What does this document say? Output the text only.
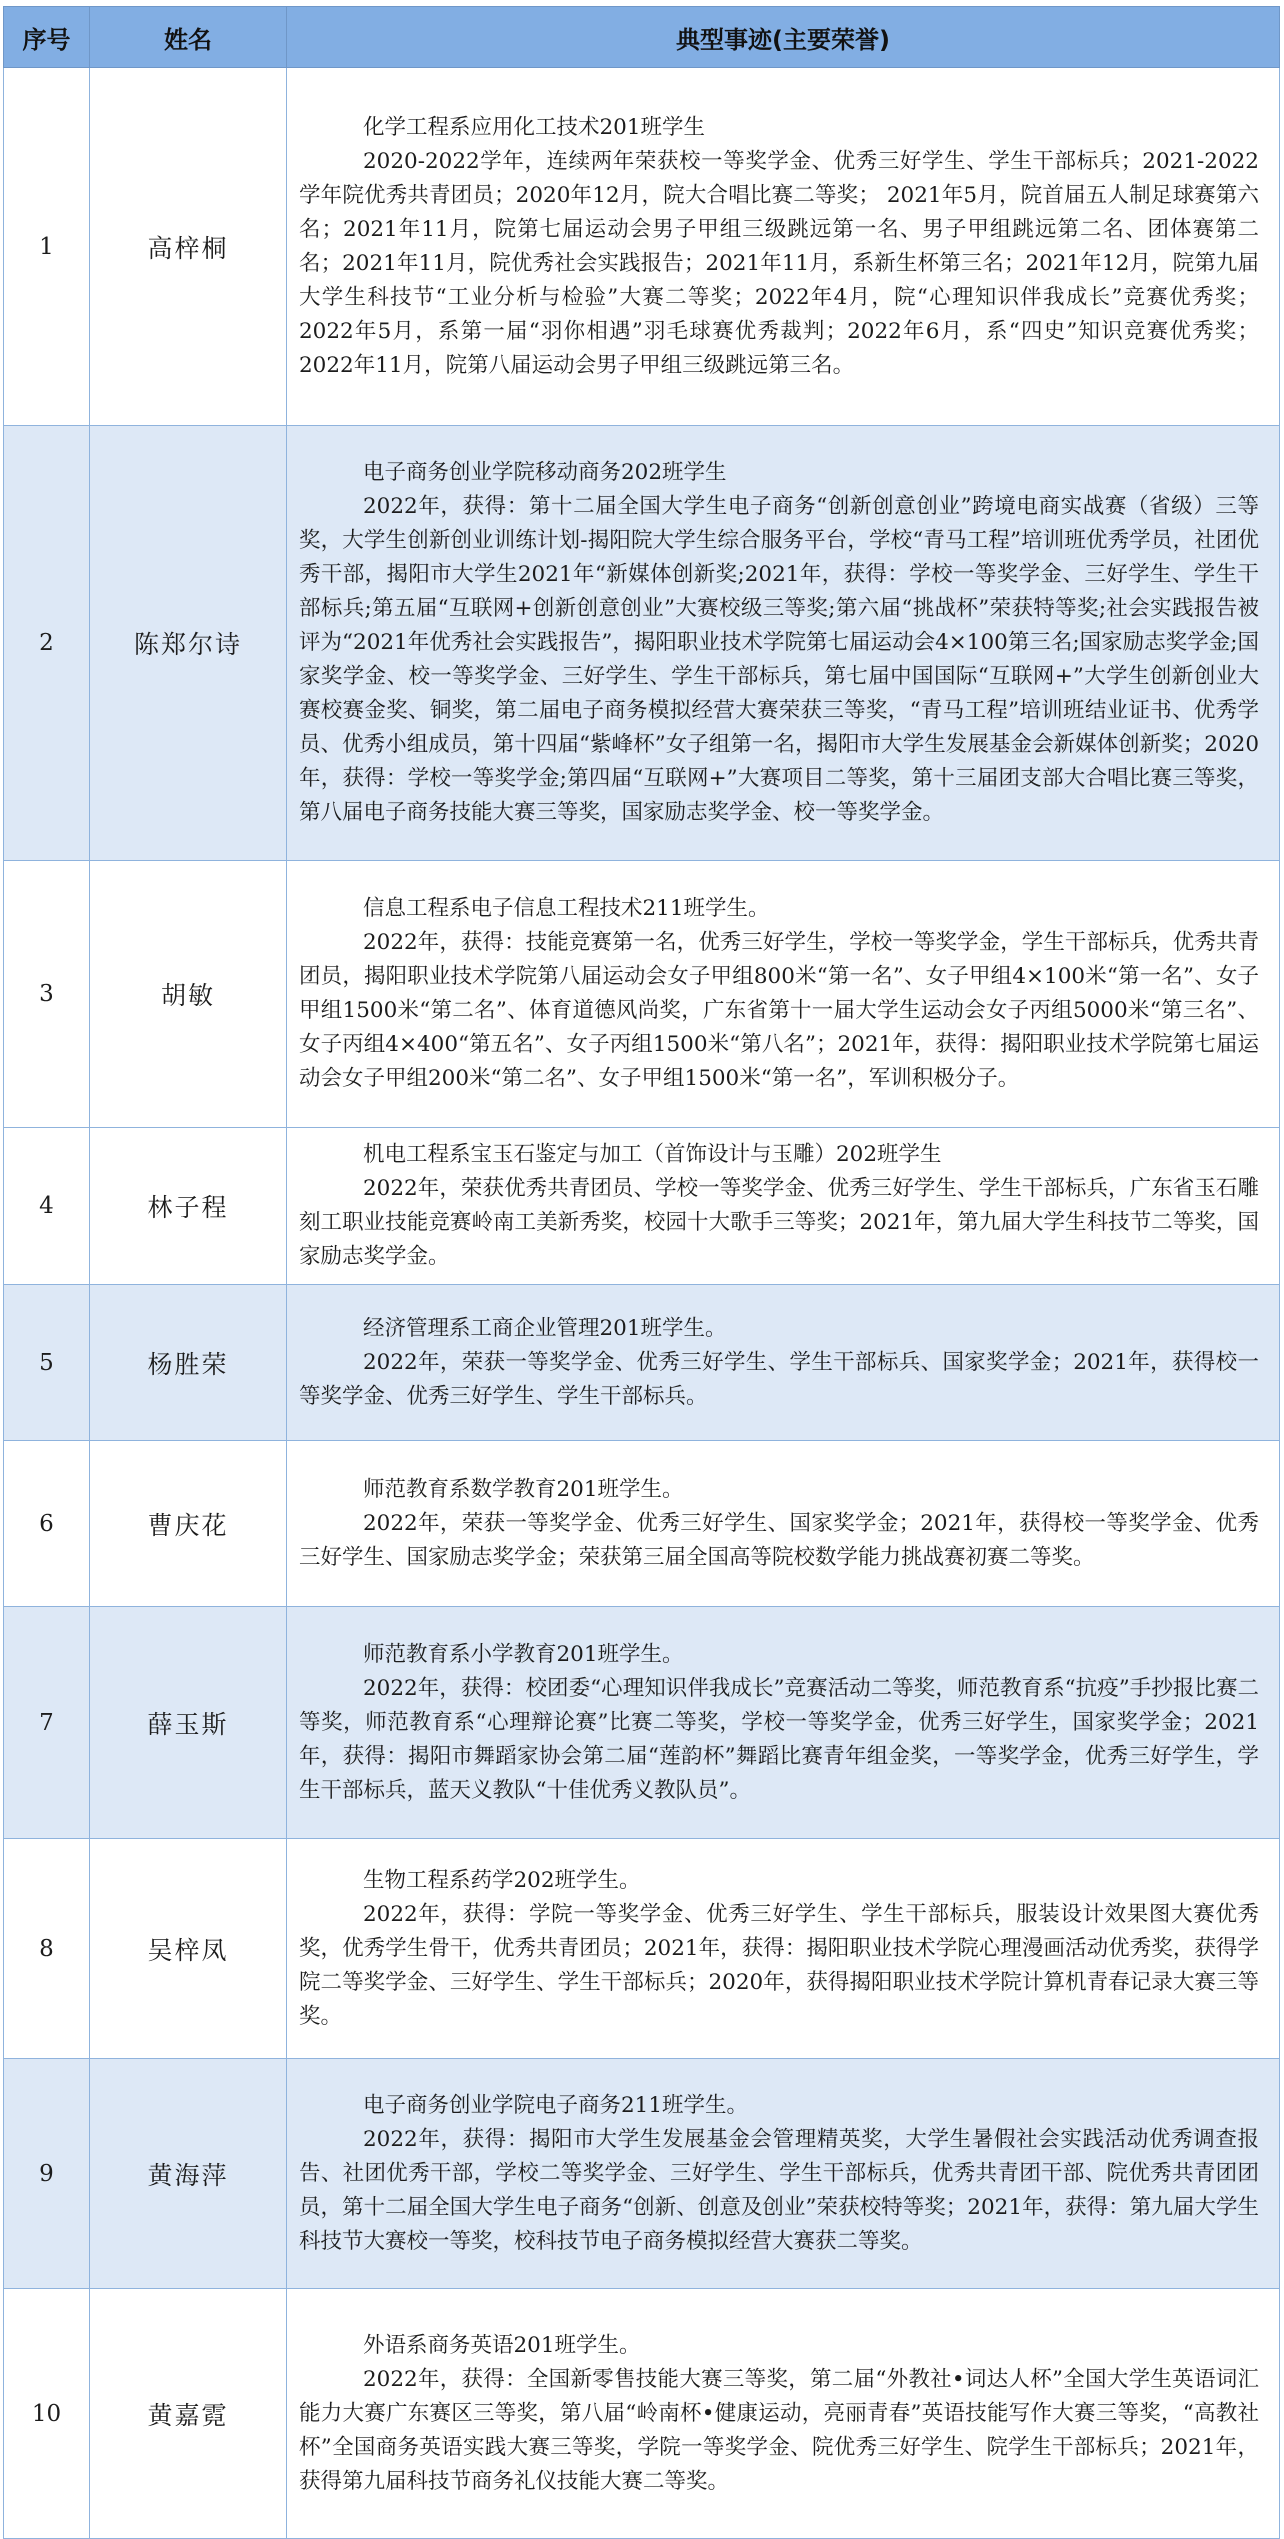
序号	姓名	典型事迹(主要荣誉)
1	高梓桐	化学工程系应用化工技术201班学生

2020-2022学年，连续两年荣获校一等奖学金、优秀三好学生、学生干部标兵；2021-2022学年院优秀共青团员；2020年12月，院大合唱比赛二等奖； 2021年5月，院首届五人制足球赛第六名；2021年11月，院第七届运动会男子甲组三级跳远第一名、男子甲组跳远第二名、团体赛第二名；2021年11月，院优秀社会实践报告；2021年11月，系新生杯第三名；2021年12月，院第九届大学生科技节“工业分析与检验”大赛二等奖；2022年4月，院“心理知识伴我成长”竞赛优秀奖；2022年5月，系第一届“羽你相遇”羽毛球赛优秀裁判；2022年6月，系“四史”知识竞赛优秀奖；2022年11月，院第八届运动会男子甲组三级跳远第三名。

2	陈郑尔诗	电子商务创业学院移动商务202班学生

2022年，获得：第十二届全国大学生电子商务“创新创意创业”跨境电商实战赛（省级）三等奖，大学生创新创业训练计划-揭阳院大学生综合服务平台，学校“青马工程”培训班优秀学员，社团优秀干部，揭阳市大学生2021年“新媒体创新奖;2021年，获得：学校一等奖学金、三好学生、学生干部标兵;第五届“互联网+创新创意创业”大赛校级三等奖;第六届“挑战杯”荣获特等奖;社会实践报告被评为“2021年优秀社会实践报告”，揭阳职业技术学院第七届运动会4×100第三名;国家励志奖学金;国家奖学金、校一等奖学金、三好学生、学生干部标兵，第七届中国国际“互联网+”大学生创新创业大赛校赛金奖、铜奖，第二届电子商务模拟经营大赛荣获三等奖，“青马工程”培训班结业证书、优秀学员、优秀小组成员，第十四届“紫峰杯”女子组第一名，揭阳市大学生发展基金会新媒体创新奖；2020年，获得：学校一等奖学金;第四届“互联网+”大赛项目二等奖，第十三届团支部大合唱比赛三等奖，第八届电子商务技能大赛三等奖，国家励志奖学金、校一等奖学金。

3	胡敏	信息工程系电子信息工程技术211班学生。

2022年，获得：技能竞赛第一名，优秀三好学生，学校一等奖学金，学生干部标兵，优秀共青团员，揭阳职业技术学院第八届运动会女子甲组800米“第一名”、女子甲组4×100米“第一名”、女子甲组1500米“第二名”、体育道德风尚奖，广东省第十一届大学生运动会女子丙组5000米“第三名”、女子丙组4×400“第五名”、女子丙组1500米“第八名”；2021年，获得：揭阳职业技术学院第七届运动会女子甲组200米“第二名”、女子甲组1500米“第一名”，军训积极分子。

4	林子程	机电工程系宝玉石鉴定与加工（首饰设计与玉雕）202班学生

2022年，荣获优秀共青团员、学校一等奖学金、优秀三好学生、学生干部标兵，广东省玉石雕刻工职业技能竞赛岭南工美新秀奖，校园十大歌手三等奖；2021年，第九届大学生科技节二等奖，国家励志奖学金。

5	杨胜荣	经济管理系工商企业管理201班学生。

2022年，荣获一等奖学金、优秀三好学生、学生干部标兵、国家奖学金；2021年，获得校一等奖学金、优秀三好学生、学生干部标兵。

6	曹庆花	师范教育系数学教育201班学生。

2022年，荣获一等奖学金、优秀三好学生、国家奖学金；2021年，获得校一等奖学金、优秀三好学生、国家励志奖学金；荣获第三届全国高等院校数学能力挑战赛初赛二等奖。

7	薛玉斯	师范教育系小学教育201班学生。

2022年，获得：校团委“心理知识伴我成长”竞赛活动二等奖，师范教育系“抗疫”手抄报比赛二等奖，师范教育系“心理辩论赛”比赛二等奖，学校一等奖学金，优秀三好学生，国家奖学金；2021年，获得：揭阳市舞蹈家协会第二届“莲韵杯”舞蹈比赛青年组金奖，一等奖学金，优秀三好学生，学生干部标兵，蓝天义教队“十佳优秀义教队员”。

8	吴梓凤	生物工程系药学202班学生。

2022年，获得：学院一等奖学金、优秀三好学生、学生干部标兵，服装设计效果图大赛优秀奖，优秀学生骨干，优秀共青团员；2021年，获得：揭阳职业技术学院心理漫画活动优秀奖，获得学院二等奖学金、三好学生、学生干部标兵；2020年，获得揭阳职业技术学院计算机青春记录大赛三等奖。

9	黄海萍	电子商务创业学院电子商务211班学生。

2022年，获得：揭阳市大学生发展基金会管理精英奖，大学生暑假社会实践活动优秀调查报告、社团优秀干部，学校二等奖学金、三好学生、学生干部标兵，优秀共青团干部、院优秀共青团团员，第十二届全国大学生电子商务“创新、创意及创业”荣获校特等奖；2021年，获得：第九届大学生科技节大赛校一等奖，校科技节电子商务模拟经营大赛获二等奖。

10	黄嘉霓	外语系商务英语201班学生。

2022年，获得：全国新零售技能大赛三等奖，第二届“外教社•词达人杯”全国大学生英语词汇能力大赛广东赛区三等奖，第八届“岭南杯•健康运动，亮丽青春”英语技能写作大赛三等奖，“高教社杯”全国商务英语实践大赛三等奖，学院一等奖学金、院优秀三好学生、院学生干部标兵；2021年，获得第九届科技节商务礼仪技能大赛二等奖。
